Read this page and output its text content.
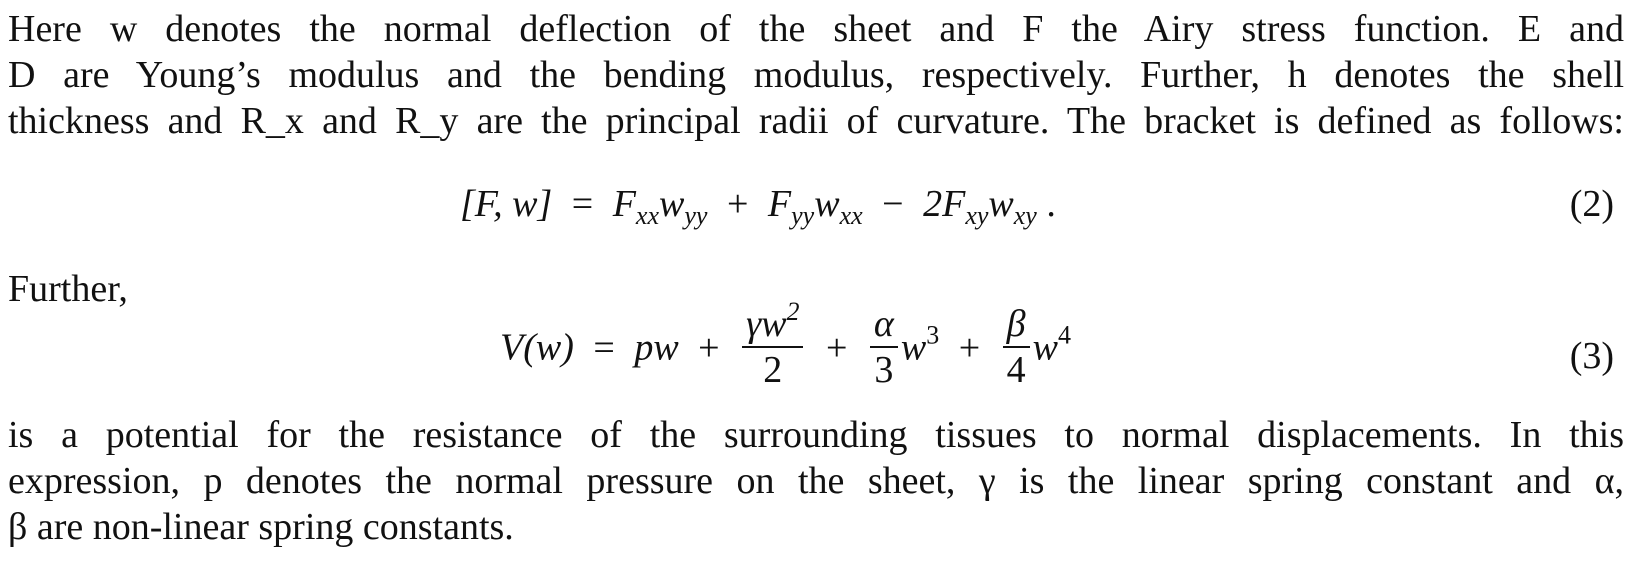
Here w denotes the normal deflection of the sheet and F the Airy stress function. E and
D are Young’s modulus and the bending modulus, respectively. Further, h denotes the shell
thickness and R_x and R_y are the principal radii of curvature. The bracket is defined as follows:
[F, $w] = F_{xx}w_{yy} + F_{yy}w_{xx} - 2F_{xy}w_{xy}$ .	(2)
Further,
V(w) = pw + $\frac{\gamma w^2}{2} + \frac{\alpha}{3} w^3 + \frac{\beta}{4} w^4$	(3)
is a potential for the resistance of the surrounding tissues to normal displacements. In this
expression, p denotes the normal pressure on the sheet, γ is the linear spring constant and α,
β are non-linear spring constants.
